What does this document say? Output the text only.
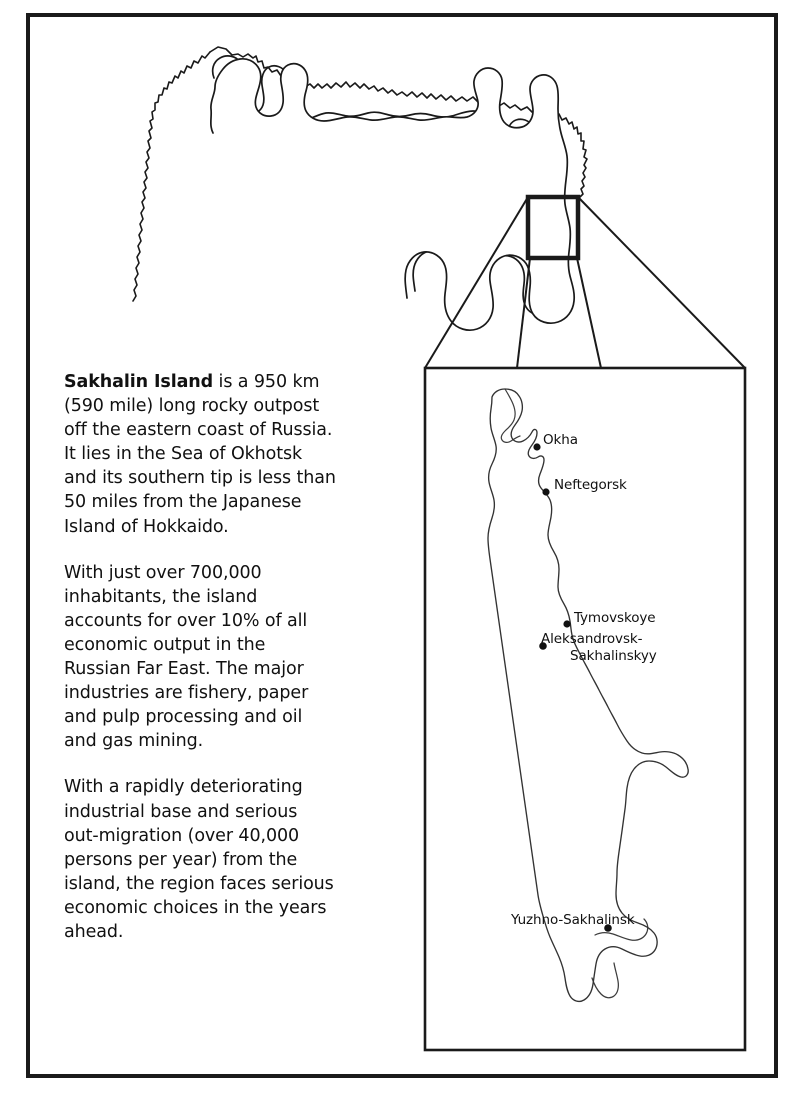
Sakhalin Island is a 950 km (590 mile) long rocky outpost off the eastern coast of Russia. It lies in the Sea of Okhotsk and its southern tip is less than 50 miles from the Japanese Island of Hokkaido.

With just over 700,000 inhabitants, the island accounts for over 10% of all economic output in the Russian Far East. The major industries are fishery, paper and pulp processing and oil and gas mining.

With a rapidly deteriorating industrial base and serious out-migration (over 40,000 persons per year) from the island, the region faces serious economic choices in the years ahead.

Okha
Neftegorsk
Tymovskoye
Aleksandrovsk-
Sakhalinskyy
Yuzhno-Sakhalinsk
